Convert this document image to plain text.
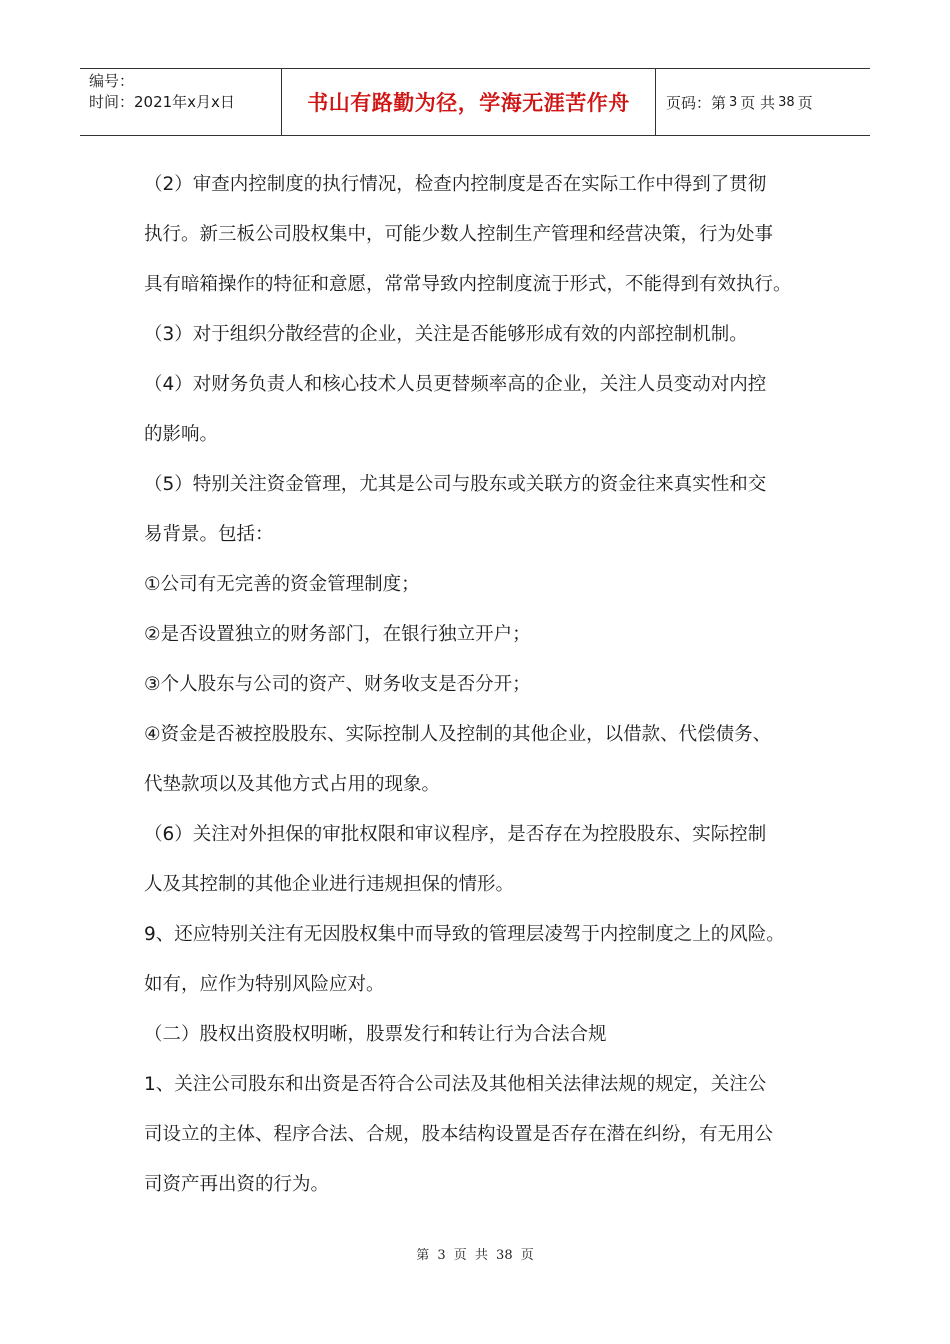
编号：
时间：2021年x月x日	书山有路勤为径，学海无涯苦作舟 页码：第 3 页 共 38 页
（2）审查内控制度的执行情况，检查内控制度是否在实际工作中得到了贯彻
执行。新三板公司股权集中，可能少数人控制生产管理和经营决策，行为处事
具有暗箱操作的特征和意愿，常常导致内控制度流于形式，不能得到有效执行。
（3）对于组织分散经营的企业，关注是否能够形成有效的内部控制机制。
（4）对财务负责人和核心技术人员更替频率高的企业，关注人员变动对内控
的影响。
（5）特别关注资金管理，尤其是公司与股东或关联方的资金往来真实性和交
易背景。包括：
①公司有无完善的资金管理制度；
②是否设置独立的财务部门，在银行独立开户；
③个人股东与公司的资产、财务收支是否分开；
④资金是否被控股股东、实际控制人及控制的其他企业，以借款、代偿债务、
代垫款项以及其他方式占用的现象。
（6）关注对外担保的审批权限和审议程序，是否存在为控股股东、实际控制
人及其控制的其他企业进行违规担保的情形。
9、还应特别关注有无因股权集中而导致的管理层凌驾于内控制度之上的风险。
如有，应作为特别风险应对。
（二）股权出资股权明晰，股票发行和转让行为合法合规
1、关注公司股东和出资是否符合公司法及其他相关法律法规的规定，关注公
司设立的主体、程序合法、合规，股本结构设置是否存在潜在纠纷，有无用公
司资产再出资的行为。
第 3 页 共 38 页
